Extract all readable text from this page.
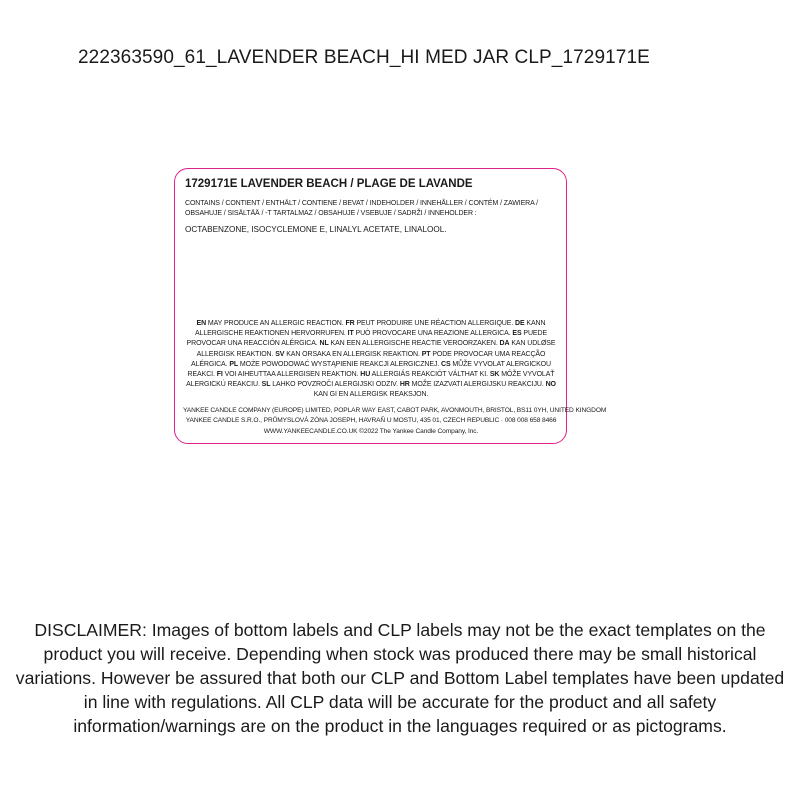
222363590_61_LAVENDER BEACH_HI MED JAR CLP_1729171E
1729171E LAVENDER BEACH / PLAGE DE LAVANDE
CONTAINS / CONTIENT / ENTHÄLT / CONTIENE / BEVAT / INDEHOLDER / INNEHÅLLER / CONTÉM / ZAWIERA / OBSAHUJE / SISÄLTÄÄ / -T TARTALMAZ / OBSAHUJE / VSEBUJE / SADRŽI / INNEHOLDER :
OCTABENZONE, ISOCYCLEMONE E, LINALYL ACETATE, LINALOOL.
EN MAY PRODUCE AN ALLERGIC REACTION. FR PEUT PRODUIRE UNE RÉACTION ALLERGIQUE. DE KANN ALLERGISCHE REAKTIONEN HERVORRUFEN. IT PUÒ PROVOCARE UNA REAZIONE ALLERGICA. ES PUEDE PROVOCAR UNA REACCIÓN ALÉRGICA. NL KAN EEN ALLERGISCHE REACTIE VEROORZAKEN. DA KAN UDLØSE ALLERGISK REAKTION. SV KAN ORSAKA EN ALLERGISK REAKTION. PT PODE PROVOCAR UMA REACÇÃO ALÉRGICA. PL MOŻE POWODOWAĆ WYSTĄPIENIE REAKCJI ALERGICZNEJ. CS MŮŽE VYVOLAT ALERGICKOU REAKCI. FI VOI AIHEUTTAA ALLERGISEN REAKTION. HU ALLERGIÁS REAKCIÓT VÁLTHAT KI. SK MÔŽE VYVOLAŤ ALERGICKÚ REAKCIU. SL LAHKO POVZROČI ALERGIJSKI ODZIV. HR MOŽE IZAZVATI ALERGIJSKU REAKCIJU. NO KAN GI EN ALLERGISK REAKSJON.
YANKEE CANDLE COMPANY (EUROPE) LIMITED, POPLAR WAY EAST, CABOT PARK, AVONMOUTH, BRISTOL, BS11 0YH, UNITED KINGDOM
YANKEE CANDLE S.R.O., PRŮMYSLOVÁ ZÓNA JOSEPH, HAVRAŇ U MOSTU, 435 01, CZECH REPUBLIC · 008 008 658 8466
WWW.YANKEECANDLE.CO.UK ©2022 The Yankee Candle Company, Inc.
DISCLAIMER: Images of bottom labels and CLP labels may not be the exact templates on the product you will receive. Depending when stock was produced there may be small historical variations. However be assured that both our CLP and Bottom Label templates have been updated in line with regulations. All CLP data will be accurate for the product and all safety information/warnings are on the product in the languages required or as pictograms.
